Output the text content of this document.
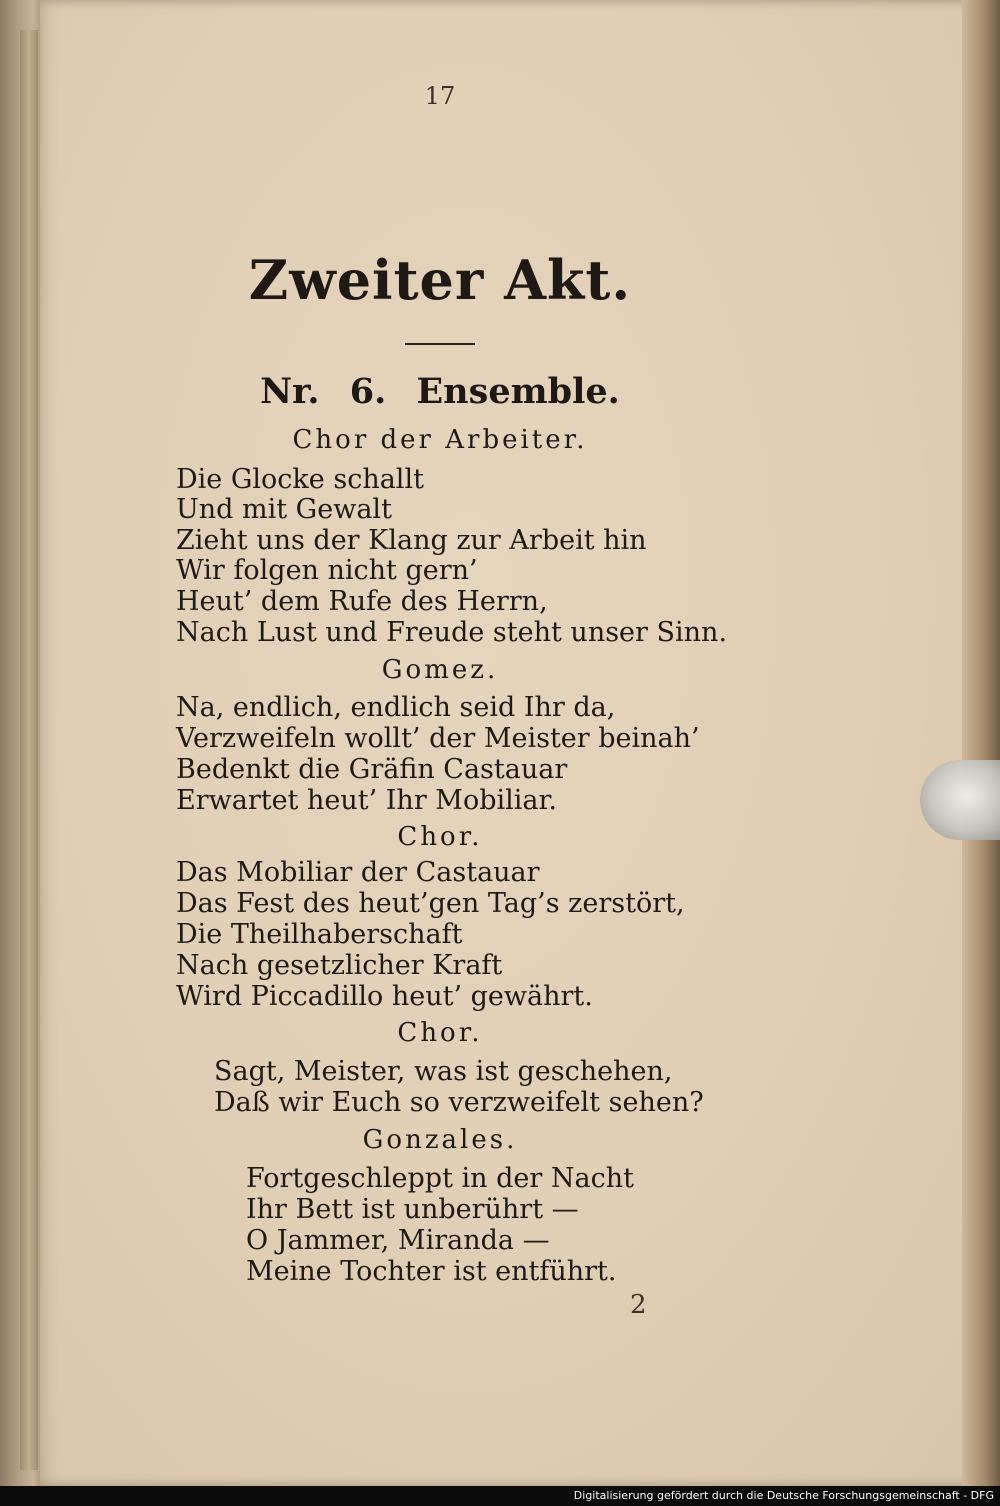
17
Zweiter Akt.
Nr. 6. Ensemble.
Chor der Arbeiter.
Die Glocke schallt
Und mit Gewalt
Zieht uns der Klang zur Arbeit hin
Wir folgen nicht gern’
Heut’ dem Rufe des Herrn,
Nach Lust und Freude steht unser Sinn.
Gomez.
Na, endlich, endlich seid Ihr da,
Verzweifeln wollt’ der Meister beinah’
Bedenkt die Gräfin Castauar
Erwartet heut’ Ihr Mobiliar.
Chor.
Das Mobiliar der Castauar
Das Fest des heut’gen Tag’s zerstört,
Die Theilhaberschaft
Nach gesetzlicher Kraft
Wird Piccadillo heut’ gewährt.
Chor.
Sagt, Meister, was ist geschehen,
Daß wir Euch so verzweifelt sehen?
Gonzales.
Fortgeschleppt in der Nacht
Ihr Bett ist unberührt —
O Jammer, Miranda —
Meine Tochter ist entführt.
2
Digitalisierung gefördert durch die Deutsche Forschungsgemeinschaft - DFG
